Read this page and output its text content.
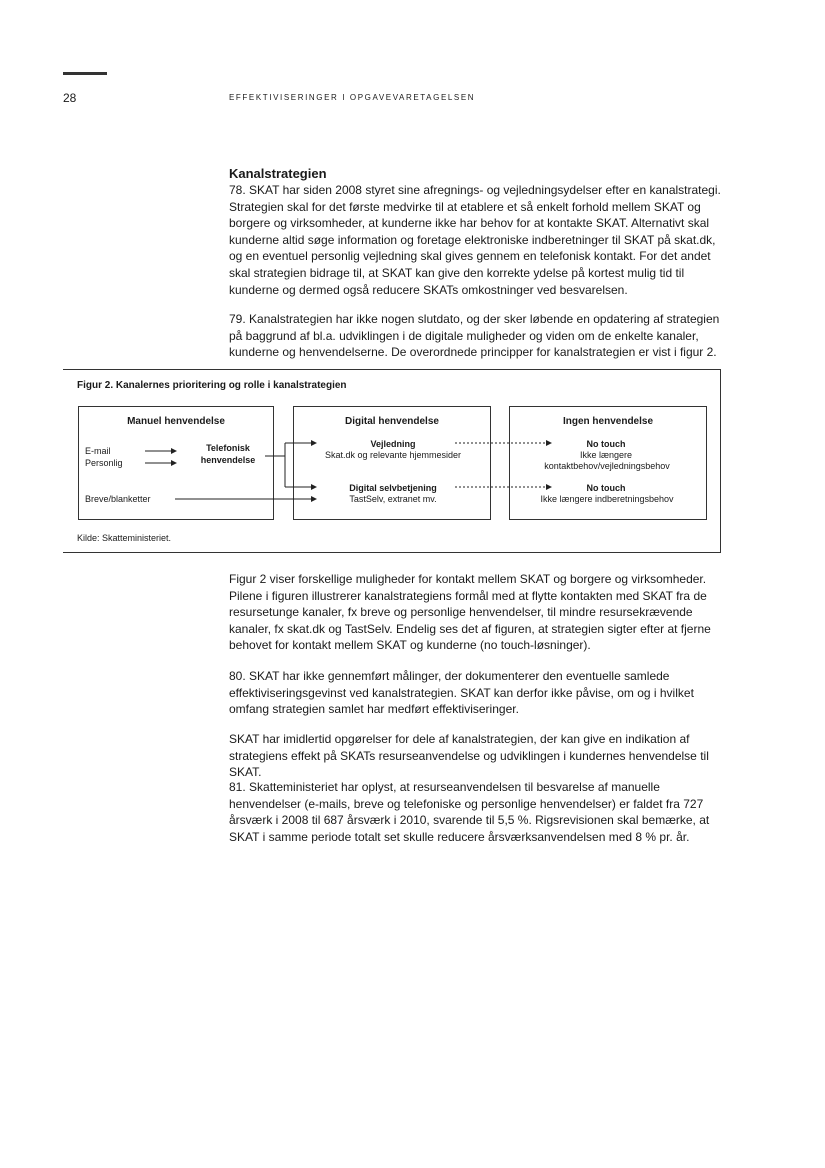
28	EFFEKTIVISERINGER I OPGAVEVARETAGELSEN

Kanalstrategien

78. SKAT har siden 2008 styret sine afregnings- og vejledningsydelser efter en kanalstrategi. Strategien skal for det første medvirke til at etablere et så enkelt forhold mellem SKAT og borgere og virksomheder, at kunderne ikke har behov for at kontakte SKAT. Alternativt skal kunderne altid søge information og foretage elektroniske indberetninger til SKAT på skat.dk, og en eventuel personlig vejledning skal gives gennem en telefonisk kontakt. For det andet skal strategien bidrage til, at SKAT kan give den korrekte ydelse på kortest mulig tid til kunderne og dermed også reducere SKATs omkostninger ved besvarelsen.

79. Kanalstrategien har ikke nogen slutdato, og der sker løbende en opdatering af strategien på baggrund af bl.a. udviklingen i de digitale muligheder og viden om de enkelte kanaler, kunderne og henvendelserne. De overordnede principper for kanalstrategien er vist i figur 2.

Figur 2. Kanalernes prioritering og rolle i kanalstrategien
Manuel henvendelse	Digital henvendelse	Ingen henvendelse
E-mail
Personlig
Telefonisk
henvendelse
Breve/blanketter
Vejledning
Skat.dk og relevante hjemmesider
Digital selvbetjening
TastSelv, extranet mv.
No touch
Ikke længere
kontaktbehov/vejledningsbehov
No touch
Ikke længere indberetningsbehov
Kilde: Skatteministeriet.

Figur 2 viser forskellige muligheder for kontakt mellem SKAT og borgere og virksomheder. Pilene i figuren illustrerer kanalstrategiens formål med at flytte kontakten med SKAT fra de resursetunge kanaler, fx breve og personlige henvendelser, til mindre resursekrævende kanaler, fx skat.dk og TastSelv. Endelig ses det af figuren, at strategien sigter efter at fjerne behovet for kontakt mellem SKAT og kunderne (no touch-løsninger).

80. SKAT har ikke gennemført målinger, der dokumenterer den eventuelle samlede effektiviseringsgevinst ved kanalstrategien. SKAT kan derfor ikke påvise, om og i hvilket omfang strategien samlet har medført effektiviseringer.

SKAT har imidlertid opgørelser for dele af kanalstrategien, der kan give en indikation af strategiens effekt på SKATs resurseanvendelse og udviklingen i kundernes henvendelse til SKAT.

81. Skatteministeriet har oplyst, at resurseanvendelsen til besvarelse af manuelle henvendelser (e-mails, breve og telefoniske og personlige henvendelser) er faldet fra 727 årsværk i 2008 til 687 årsværk i 2010, svarende til 5,5 %. Rigsrevisionen skal bemærke, at SKAT i samme periode totalt set skulle reducere årsværksanvendelsen med 8 % pr. år.
